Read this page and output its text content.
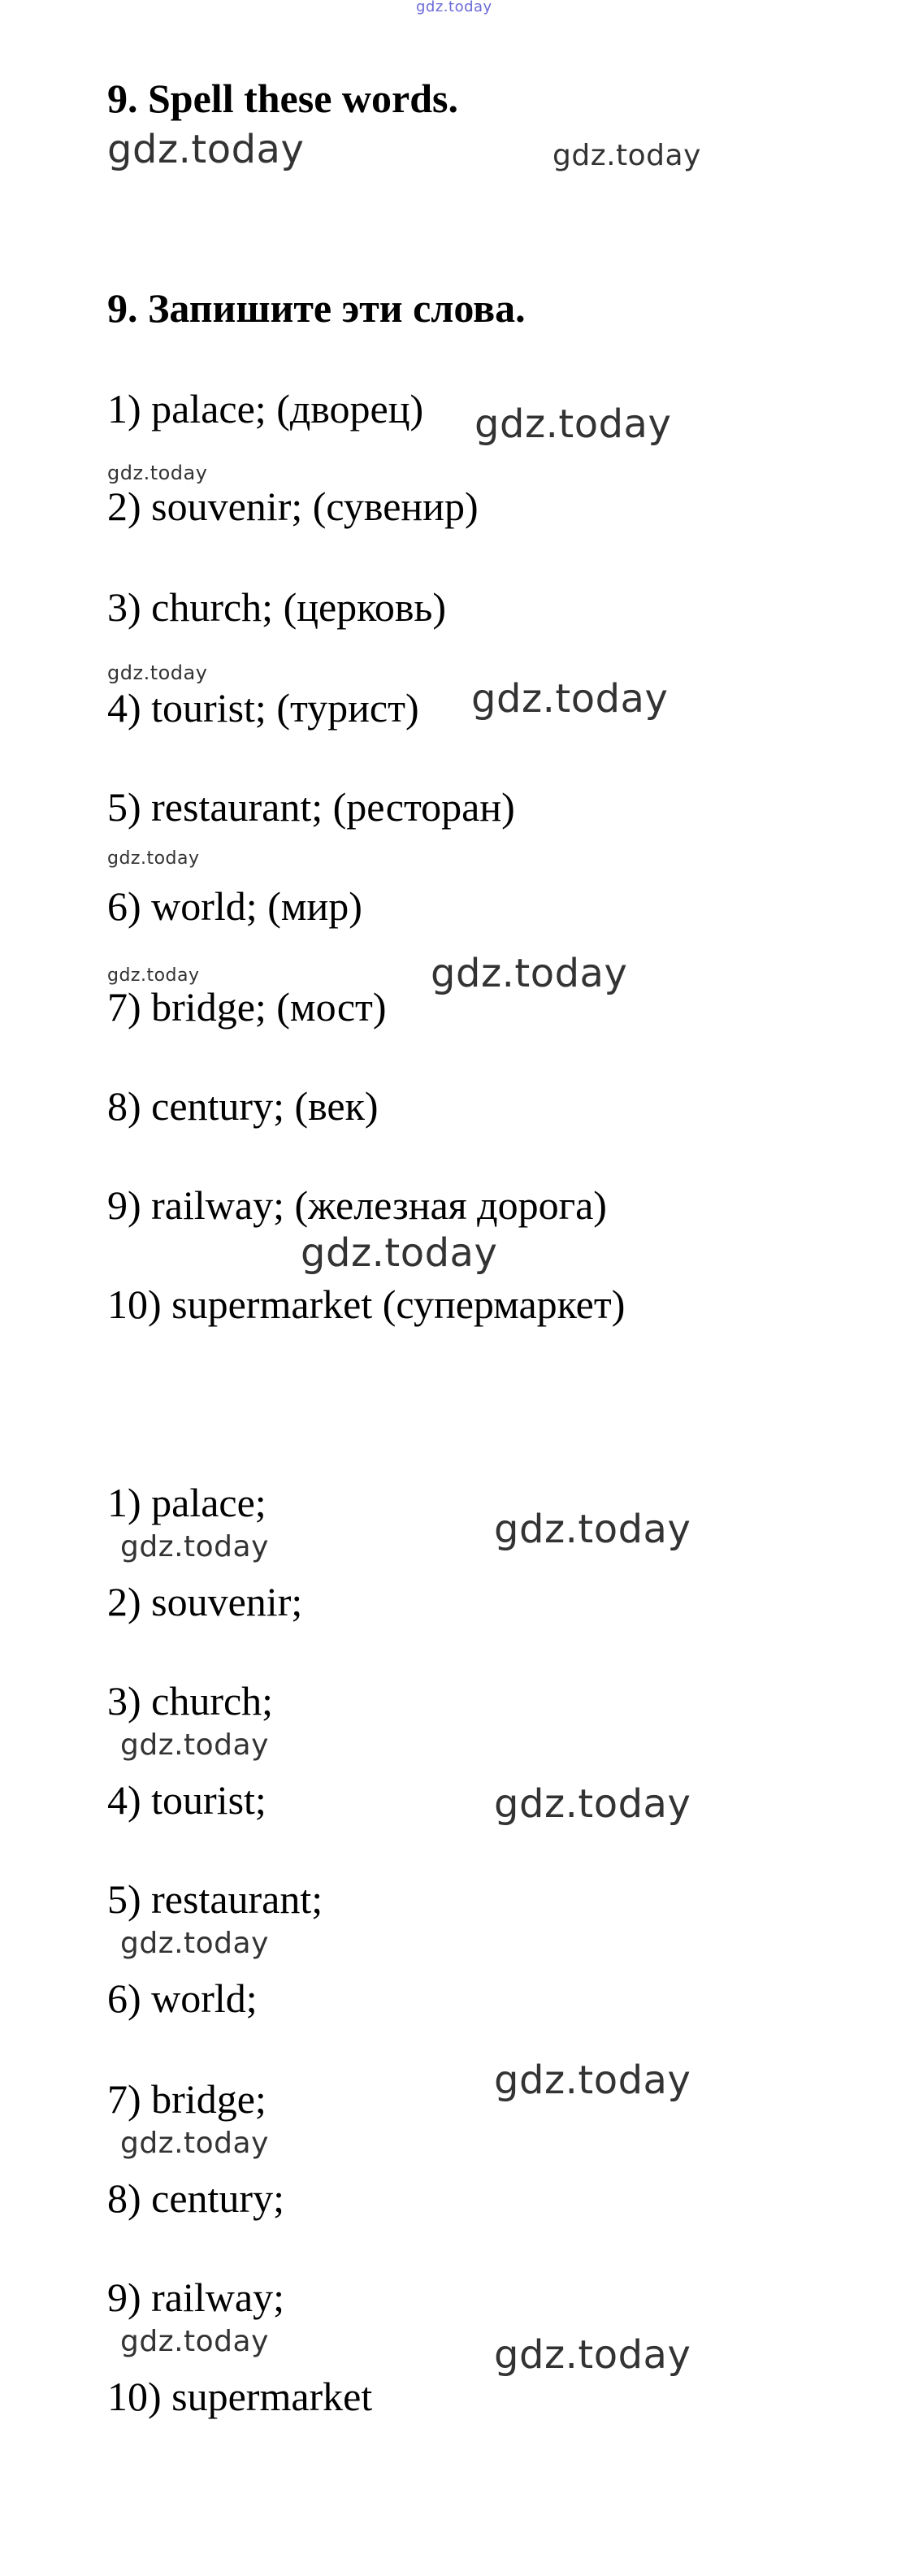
gdz.today
9. Spell these words.
gdz.today	gdz.today
9. Запишите эти слова.
1) palace; (дворец) gdz.today
gdz.today
2) souvenir; (сувенир)
3) church; (церковь)
gdz.today
4) tourist; (турист) gdz.today
5) restaurant; (ресторан)
gdz.today
6) world; (мир)
gdz.today
7) bridge; (мост)
gdz.today
8) century; (век)
9) railway; (железная дорога)
gdz.today
10) supermarket (супермаркет)
1) palace;
gdz.today	gdz.today
2) souvenir;
3) church;
gdz.today
4) tourist;	gdz.today
5) restaurant;
gdz.today
6) world;
gdz.today
7) bridge;
gdz.today
8) century;
9) railway;
gdz.today	gdz.today
10) supermarket
